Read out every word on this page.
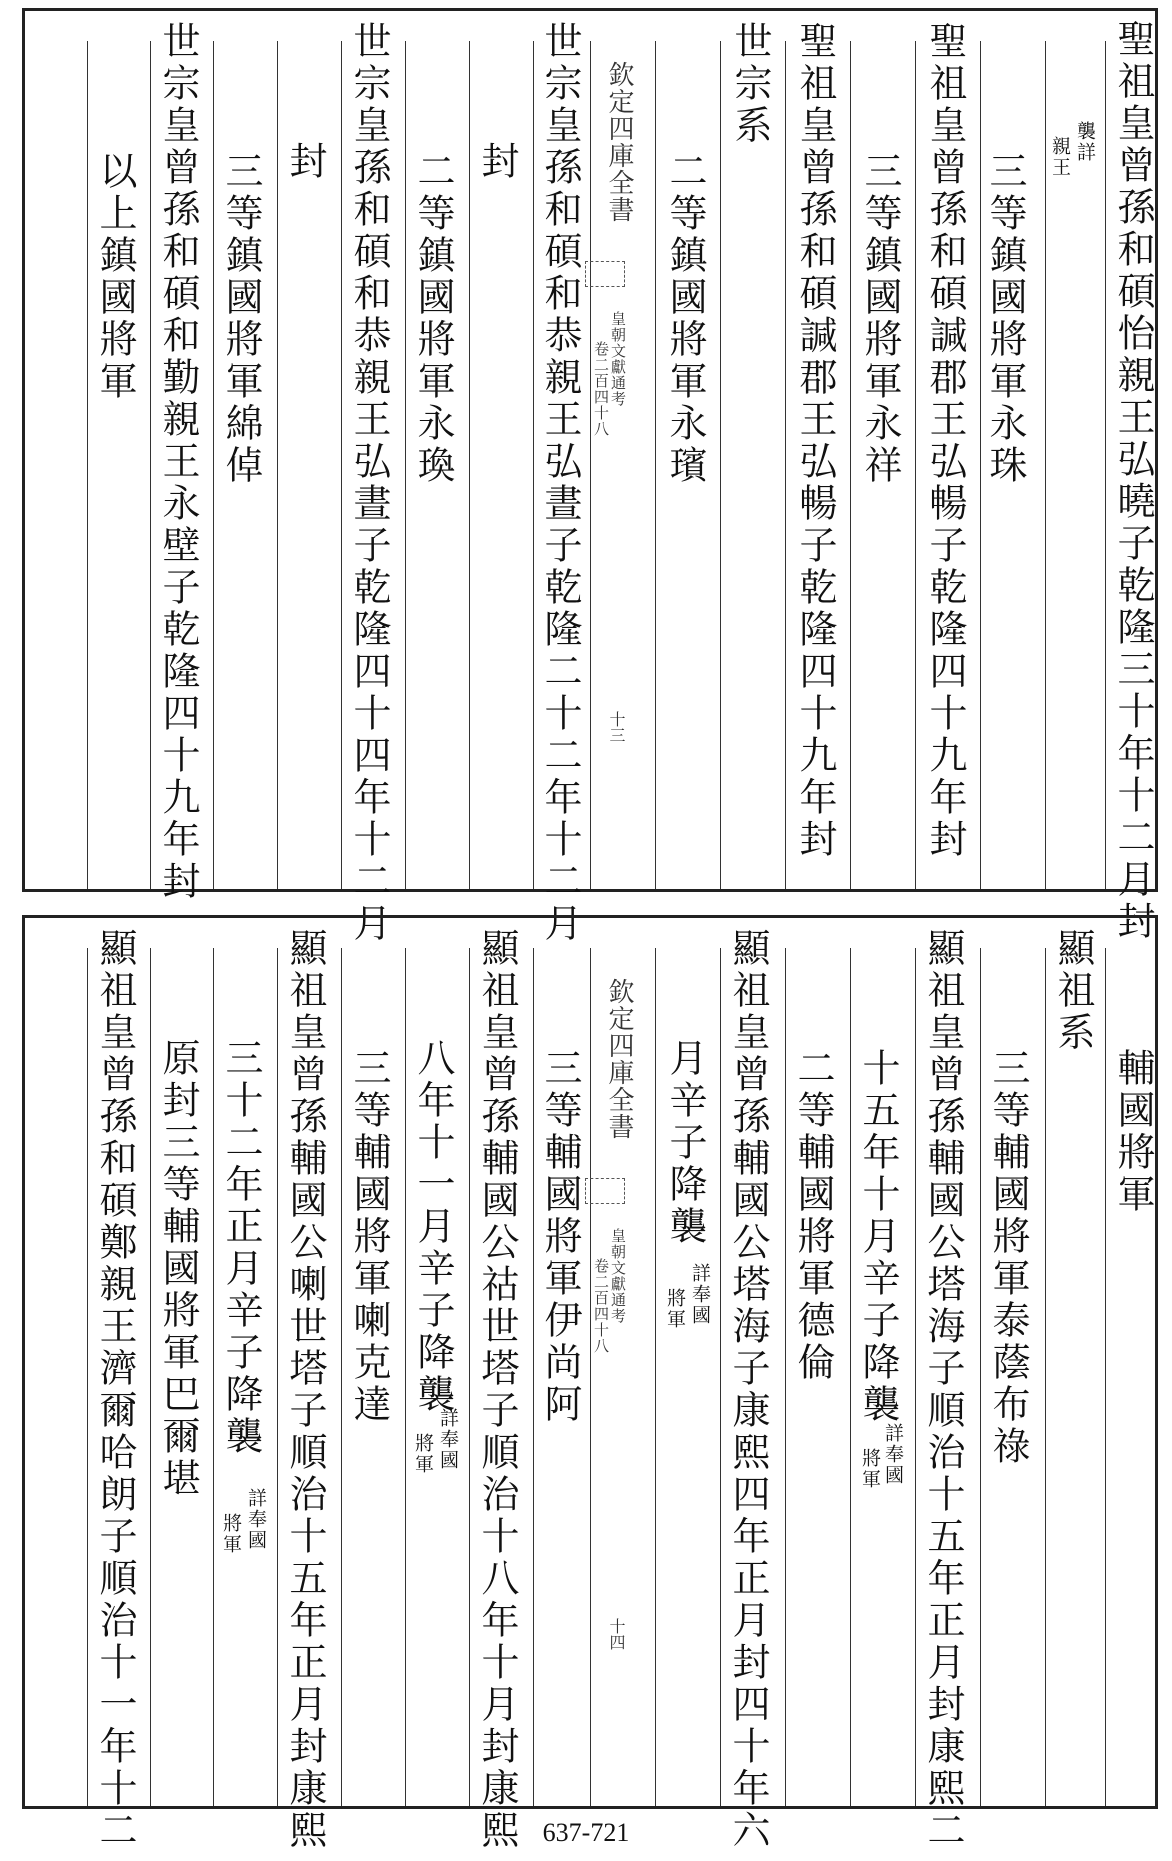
聖祖皇曾孫和碩怡親王弘曉子乾隆三十年十二月封
襲詳
親王
三等鎮國將軍永珠
聖祖皇曾孫和碩諴郡王弘暢子乾隆四十九年封
三等鎮國將軍永祥
聖祖皇曾孫和碩諴郡王弘暢子乾隆四十九年封
世宗系
二等鎮國將軍永璸
欽定四庫全書
皇朝文獻通考
卷二百四十八
十三
世宗皇孫和碩和恭親王弘晝子乾隆二十二年十二月
封
二等鎮國將軍永瑍
世宗皇孫和碩和恭親王弘晝子乾隆四十四年十二月
封
三等鎮國將軍綿倬
世宗皇曾孫和碩和勤親王永壁子乾隆四十九年封
以上鎮國將軍
輔國將軍
顯祖系
三等輔國將軍泰蔭布祿
顯祖皇曾孫輔國公塔海子順治十五年正月封康熙二
十五年十月辛子降襲
詳奉國
將軍
二等輔國將軍德倫
顯祖皇曾孫輔國公塔海子康熙四年正月封四十年六
月辛子降襲
詳奉國
將軍
欽定四庫全書
皇朝文獻通考
卷二百四十八
十四
三等輔國將軍伊尚阿
顯祖皇曾孫輔國公祜世塔子順治十八年十月封康熙
八年十一月辛子降襲
詳奉國
將軍
三等輔國將軍喇克達
顯祖皇曾孫輔國公喇世塔子順治十五年正月封康熙
三十二年正月辛子降襲
詳奉國
將軍
原封三等輔國將軍巴爾堪
顯祖皇曾孫和碩鄭親王濟爾哈朗子順治十一年十二	637-721
